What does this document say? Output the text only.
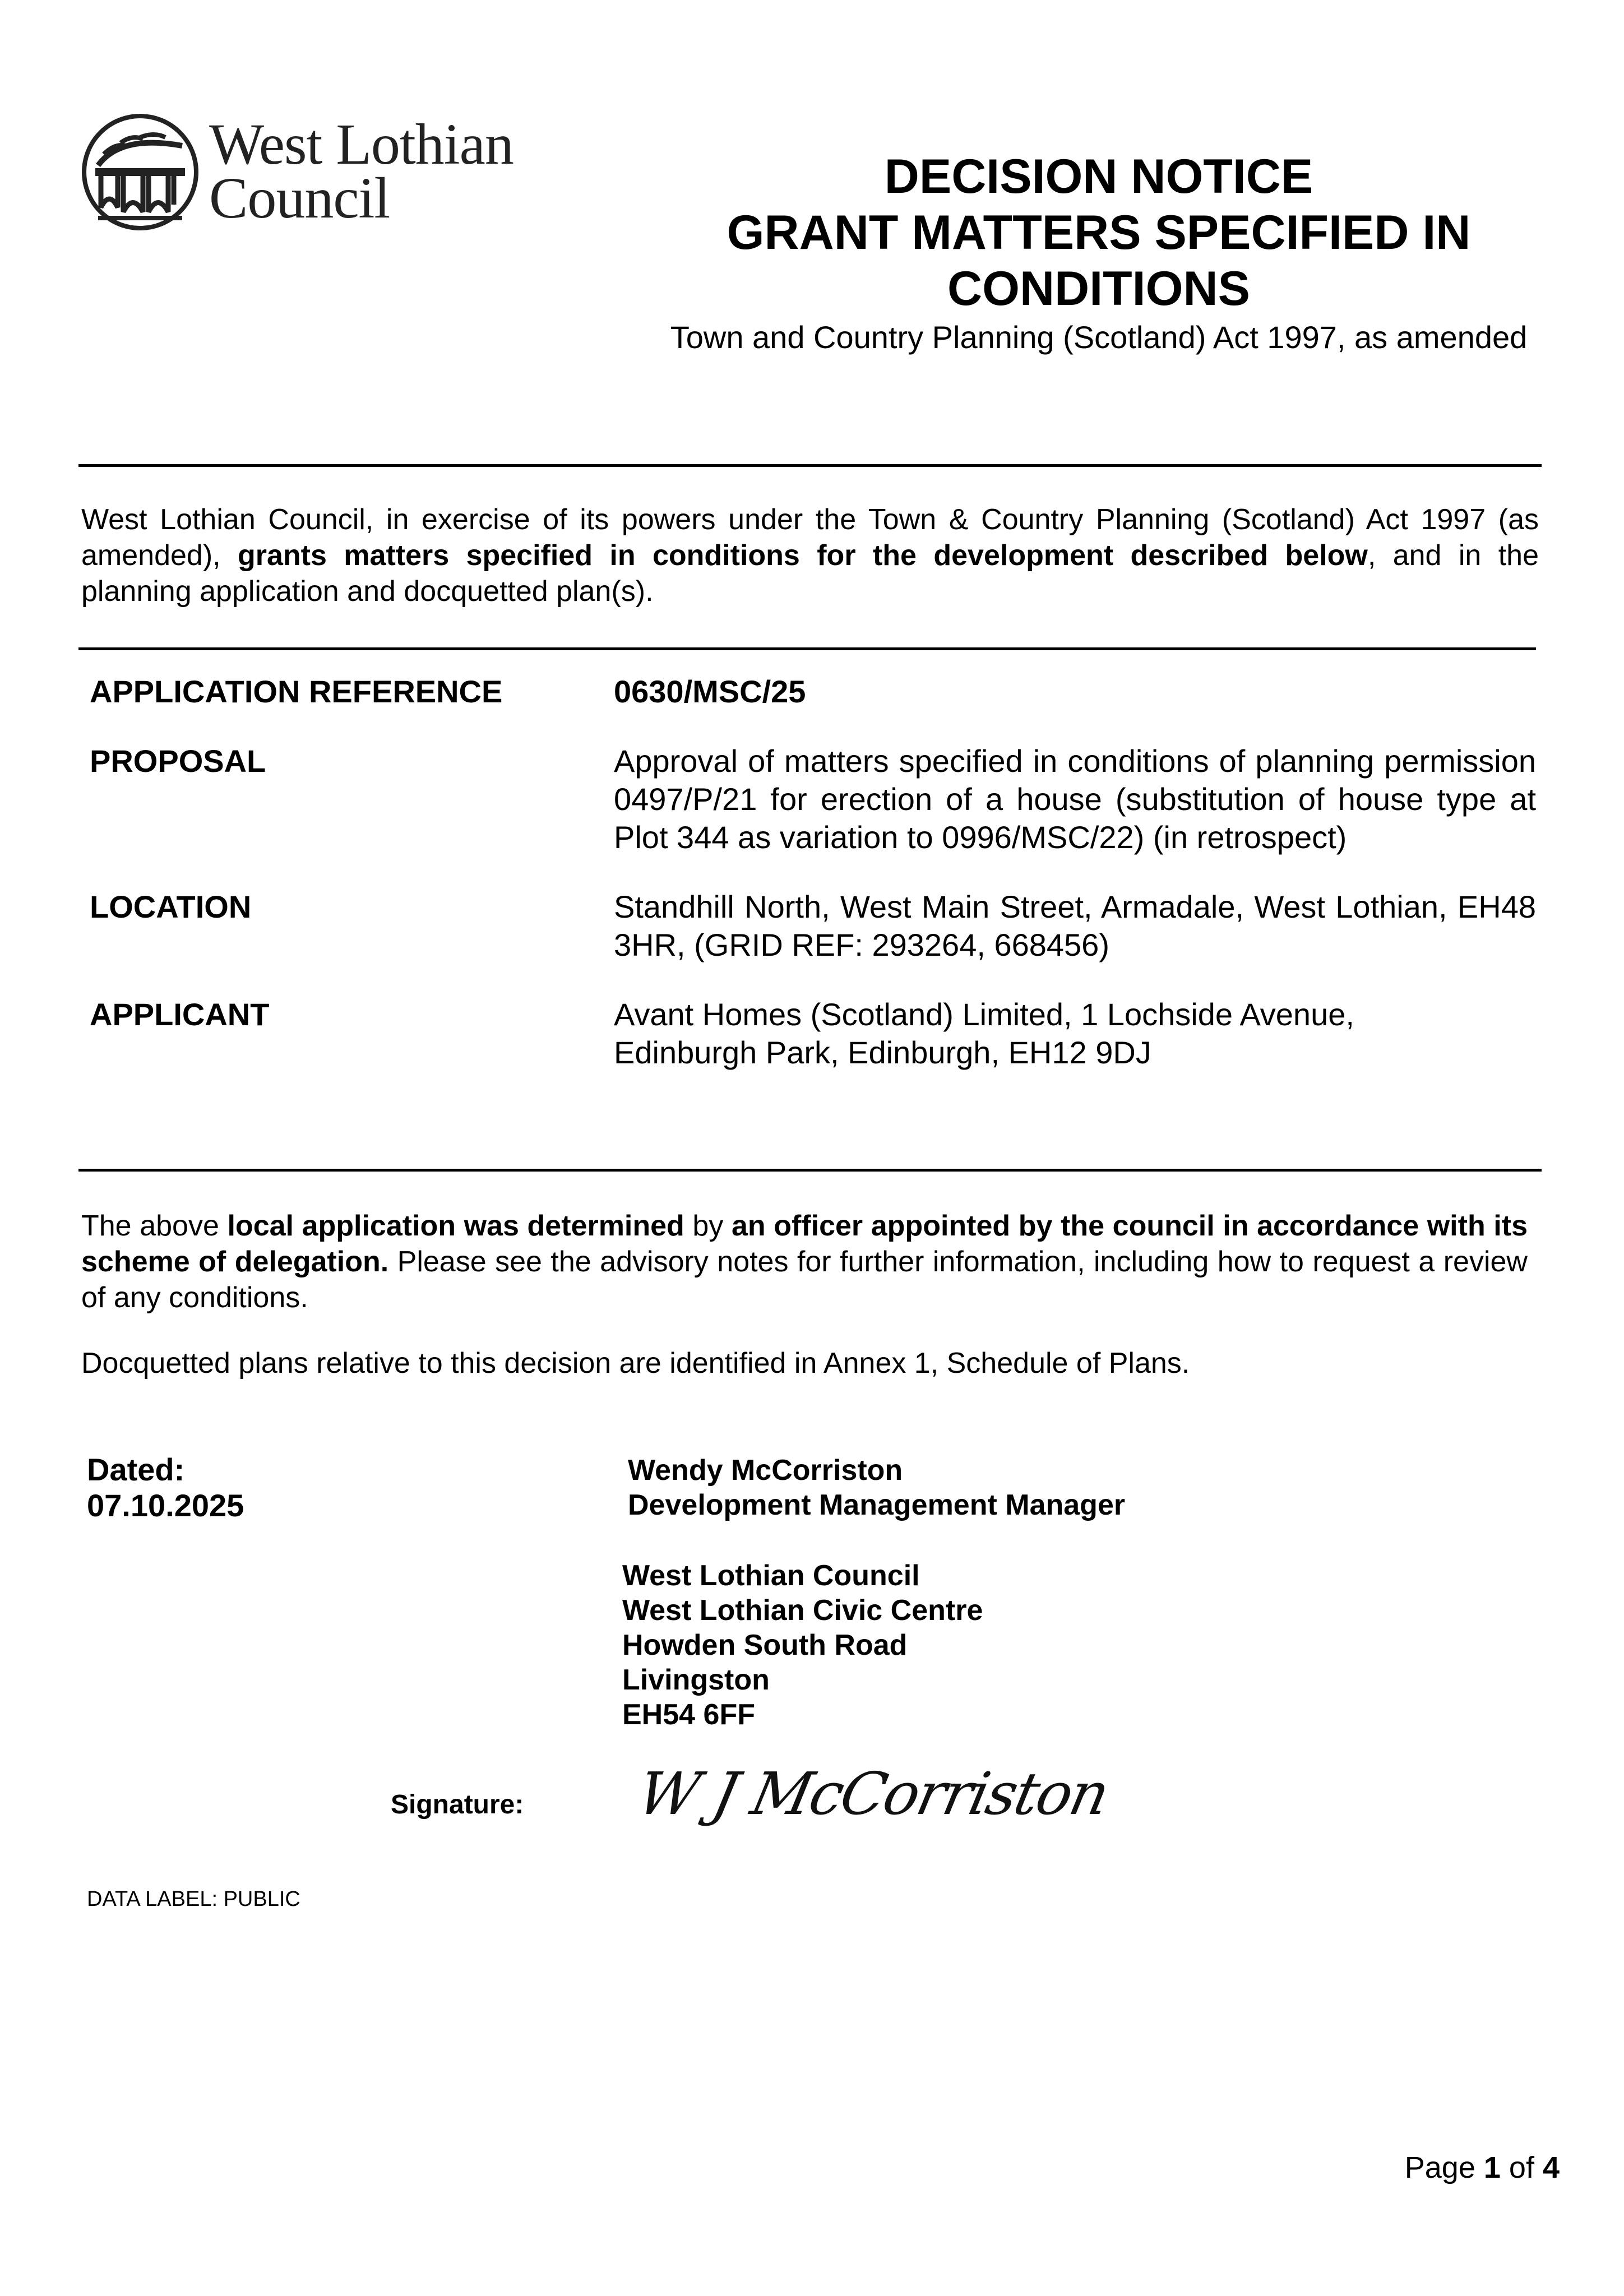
West Lothian
Council	DECISION NOTICE
GRANT MATTERS SPECIFIED IN
CONDITIONS
Town and Country Planning (Scotland) Act 1997, as amended
West Lothian Council, in exercise of its powers under the Town & Country Planning (Scotland) Act 1997 (as amended), grants matters specified in conditions for the development described below, and in the planning application and docquetted plan(s).
APPLICATION REFERENCE	0630/MSC/25
PROPOSAL	Approval of matters specified in conditions of planning permission 0497/P/21 for erection of a house (substitution of house type at Plot 344 as variation to 0996/MSC/22) (in retrospect)
LOCATION	Standhill North, West Main Street, Armadale, West Lothian, EH48 3HR, (GRID REF: 293264, 668456)
APPLICANT	Avant Homes (Scotland) Limited, 1 Lochside Avenue,
Edinburgh Park, Edinburgh, EH12 9DJ
The above local application was determined by an officer appointed by the council in accordance with its scheme of delegation. Please see the advisory notes for further information, including how to request a review of any conditions.
Docquetted plans relative to this decision are identified in Annex 1, Schedule of Plans.
Dated:
07.10.2025
Wendy McCorriston
Development Management Manager
West Lothian Council
West Lothian Civic Centre
Howden South Road
Livingston
EH54 6FF
Signature: W J McCorriston
DATA LABEL: PUBLIC
Page 1 of 4
